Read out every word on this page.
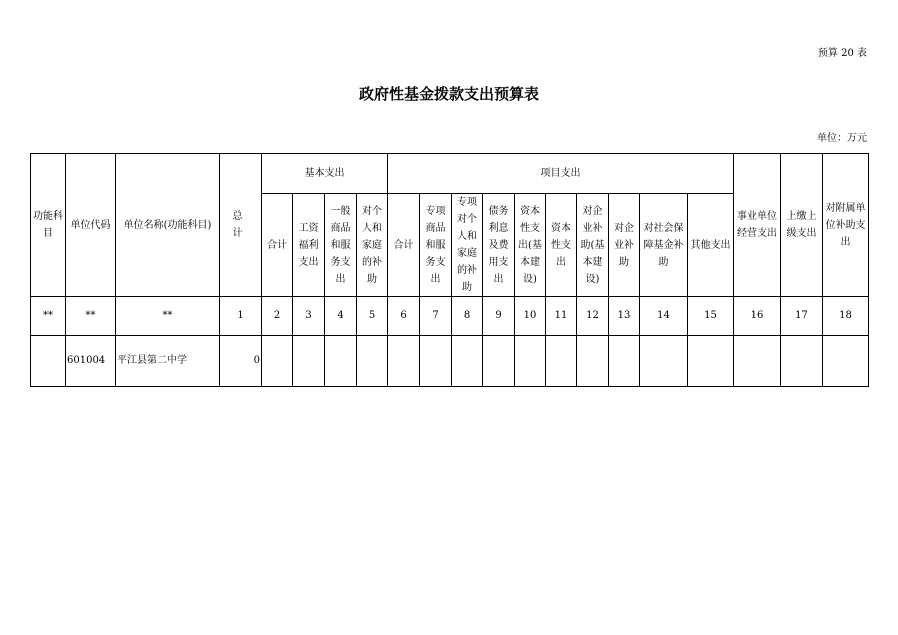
预算 20 表
政府性基金拨款支出预算表
单位：万元
功能科目	单位代码	单位名称(功能科目)	总 计	基本支出				项目支出										事业单位经营支出	上缴上级支出	对附属单位补助支出
				合计	工资福利支出	一般商品和服务支出	对个人和家庭的补助	合计	专项商品和服务支出	专项对个人和家庭的补助	债务利息及费用支出	资本性支出(基本建设)	资本性支出	对企业补助(基本建设)	对企业补助	对社会保障基金补助	其他支出			
**	**	**	1	2	3	4	5	6	7	8	9	10	11	12	13	14	15	16	17	18
	601004	平江县第二中学	0																	
